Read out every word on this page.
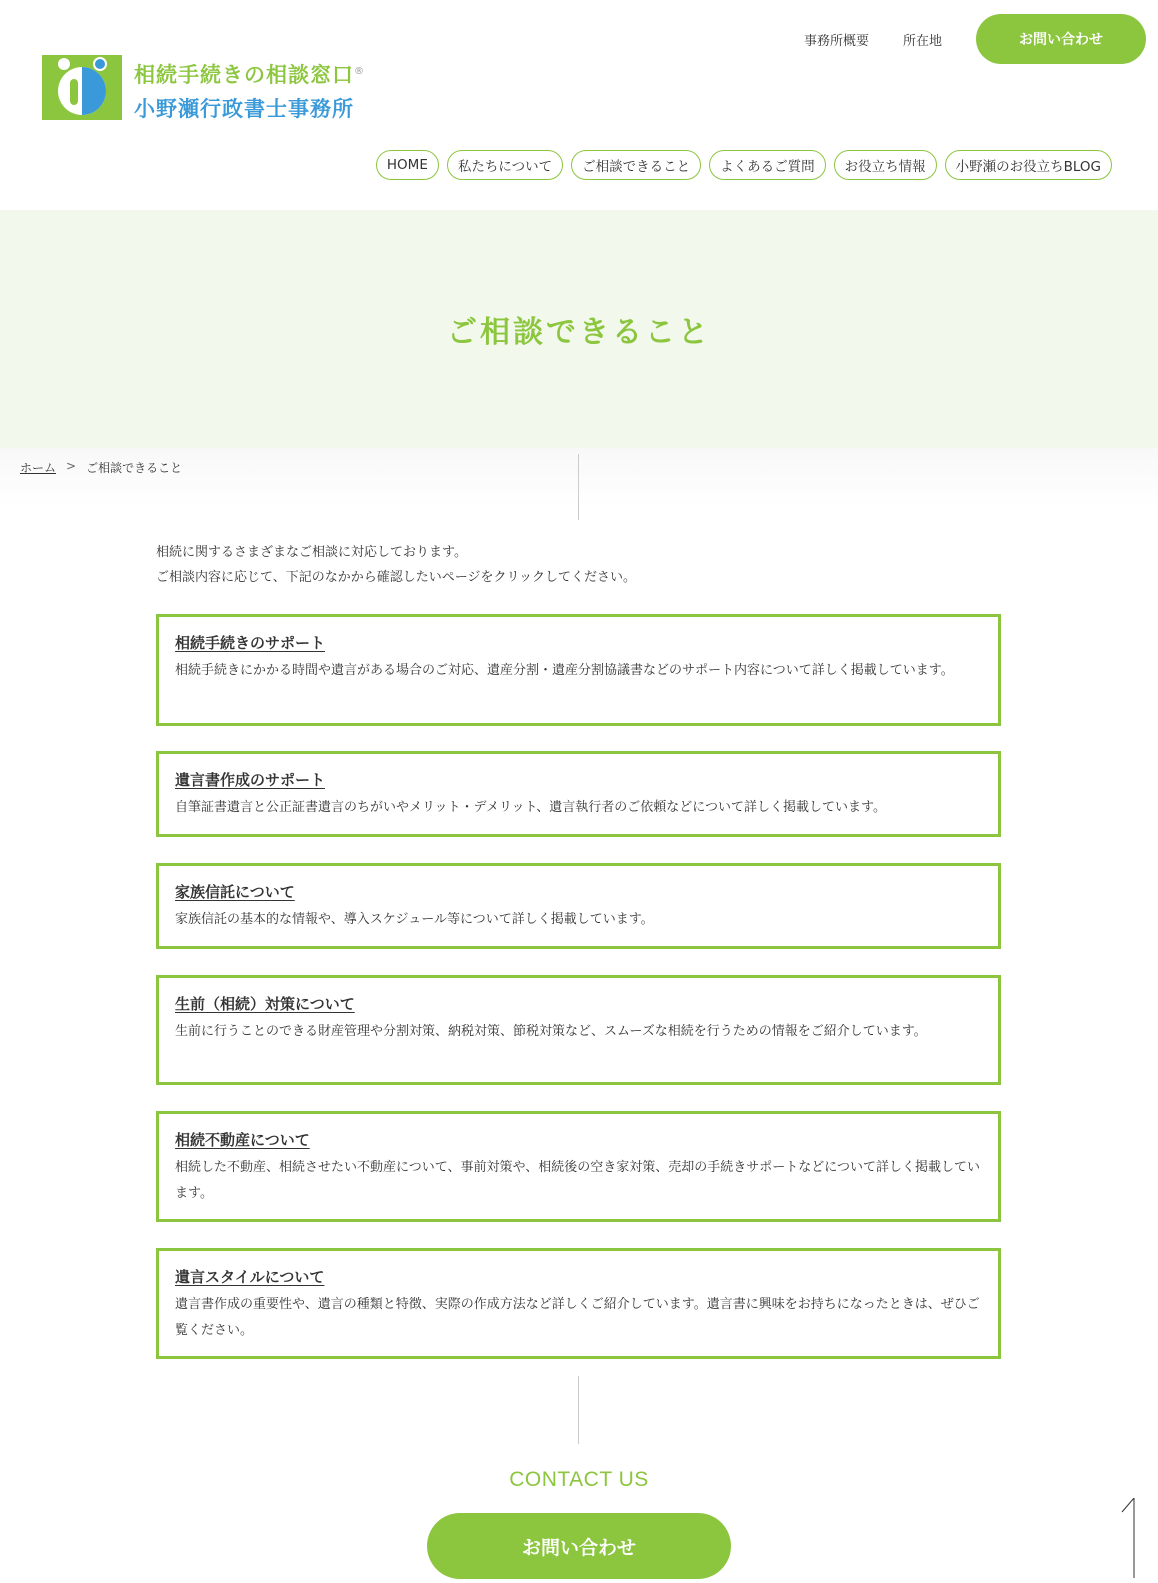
相続手続きの相談窓口®
小野瀬行政書士事務所
事務所概要	所在地	お問い合わせ
HOME	私たちについて	ご相談できること	よくあるご質問	お役立ち情報	小野瀬のお役立ちBLOG
ご相談できること
ホーム > ご相談できること

相続に関するさまざまなご相談に対応しております。

ご相談内容に応じて、下記のなかから確認したいページをクリックしてください。

相続手続きのサポート
相続手続きにかかる時間や遺言がある場合のご対応、遺産分割・遺産分割協議書などのサポート内容について詳しく掲載しています。
遺言書作成のサポート
自筆証書遺言と公正証書遺言のちがいやメリット・デメリット、遺言執行者のご依頼などについて詳しく掲載しています。
家族信託について
家族信託の基本的な情報や、導入スケジュール等について詳しく掲載しています。
生前（相続）対策について
生前に行うことのできる財産管理や分割対策、納税対策、節税対策など、スムーズな相続を行うための情報をご紹介しています。
相続不動産について
相続した不動産、相続させたい不動産について、事前対策や、相続後の空き家対策、売却の手続きサポートなどについて詳しく掲載しています。
遺言スタイルについて
遺言書作成の重要性や、遺言の種類と特徴、実際の作成方法など詳しくご紹介しています。遺言書に興味をお持ちになったときは、ぜひご覧ください。
CONTACT US
お問い合わせ
